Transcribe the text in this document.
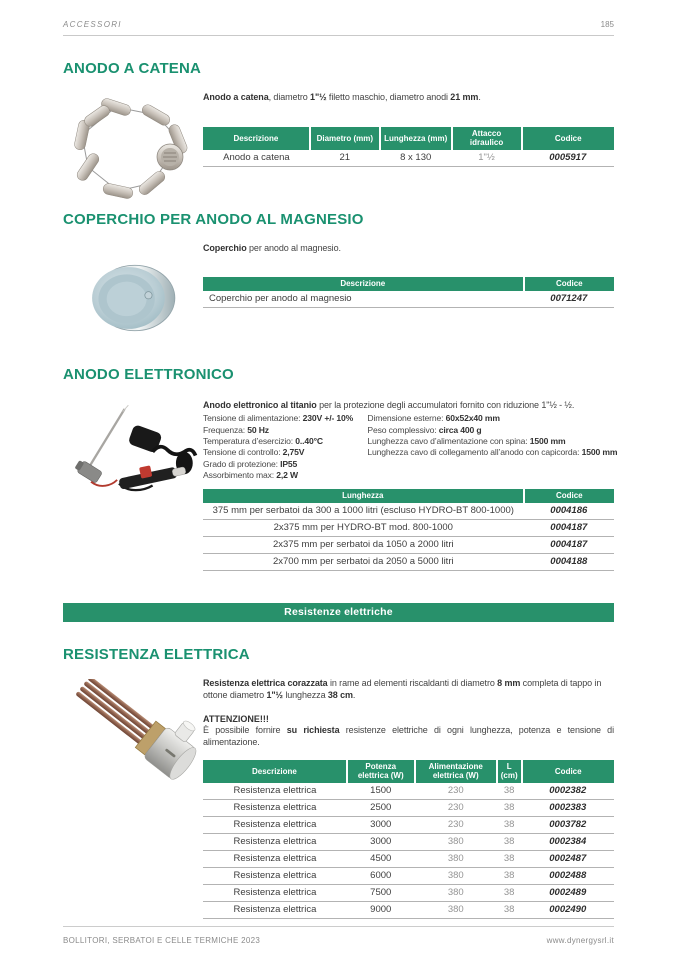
ACCESSORI	185
ANODO A CATENA

Anodo a catena, diametro 1"½ filetto maschio, diametro anodi 21 mm.

Descrizione	Diametro (mm)	Lunghezza (mm)	Attacco idraulico	Codice
Anodo a catena	21	8 x 130	1"½	0005917
COPERCHIO PER ANODO AL MAGNESIO

Coperchio per anodo al magnesio.

Descrizione	Codice
Coperchio per anodo al magnesio	0071247
ANODO ELETTRONICO

Anodo elettronico al titanio per la protezione degli accumulatori fornito con riduzione 1"½ - ½.

Tensione di alimentazione: 230V +/- 10%
Frequenza: 50 Hz
Temperatura d’esercizio: 0..40°C
Tensione di controllo: 2,75V
Grado di protezione: IP55
Assorbimento max: 2,2 W
Dimensione esterne: 60x52x40 mm
Peso complessivo: circa 400 g
Lunghezza cavo d’alimentazione con spina: 1500 mm
Lunghezza cavo di collegamento all’anodo con capicorda: 1500 mm
Lunghezza	Codice
375 mm per serbatoi da 300 a 1000 litri (escluso HYDRO-BT 800-1000)	0004186
2x375 mm per HYDRO-BT mod. 800-1000	0004187
2x375 mm per serbatoi da 1050 a 2000 litri	0004187
2x700 mm per serbatoi da 2050 a 5000 litri	0004188
Resistenze elettriche
RESISTENZA ELETTRICA

Resistenza elettrica corazzata in rame ad elementi riscaldanti di diametro 8 mm completa di tappo in ottone diametro 1"½ lunghezza 38 cm.

ATTENZIONE!!!

È possibile fornire su richiesta resistenze elettriche di ogni lunghezza, potenza e tensione di alimentazione.

Descrizione	Potenza elettrica (W)	Alimentazione elettrica (W)	L (cm)	Codice
Resistenza elettrica	1500	230	38	0002382
Resistenza elettrica	2500	230	38	0002383
Resistenza elettrica	3000	230	38	0003782
Resistenza elettrica	3000	380	38	0002384
Resistenza elettrica	4500	380	38	0002487
Resistenza elettrica	6000	380	38	0002488
Resistenza elettrica	7500	380	38	0002489
Resistenza elettrica	9000	380	38	0002490
BOLLITORI, SERBATOI E CELLE TERMICHE 2023	www.dynergysrl.it
